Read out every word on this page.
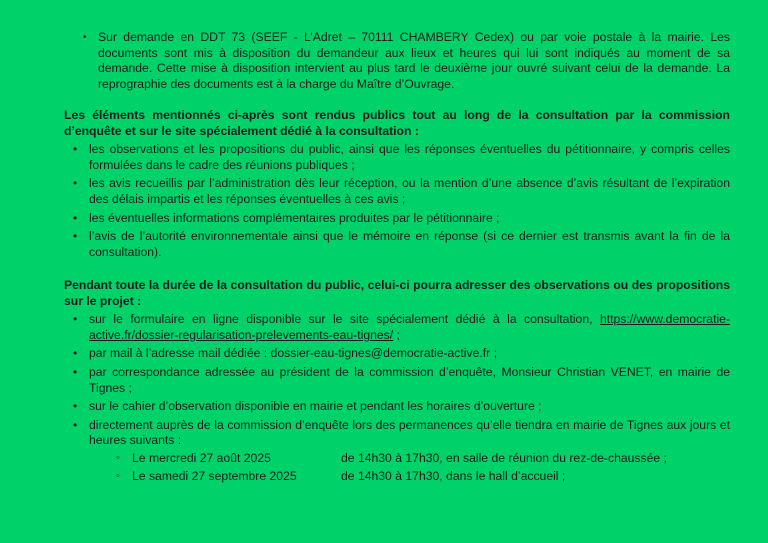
• Sur demande en DDT 73 (SEEF - L’Adret – 70111 CHAMBERY Cedex) ou par voie postale à la mairie. Les documents sont mis à disposition du demandeur aux lieux et heures qui lui sont indiqués au moment de sa demande. Cette mise à disposition intervient au plus tard le deuxième jour ouvré suivant celui de la demande. La reprographie des documents est à la charge du Maître d’Ouvrage.
Les éléments mentionnés ci-après sont rendus publics tout au long de la consultation par la commission d’enquête et sur le site spécialement dédié à la consultation :
• les observations et les propositions du public, ainsi que les réponses éventuelles du pétitionnaire, y compris celles formulées dans le cadre des réunions publiques ;
• les avis recueillis par l’administration dès leur réception, ou la mention d’une absence d’avis résultant de l’expiration des délais impartis et les réponses éventuelles à ces avis ;
• les éventuelles informations complémentaires produites par le pétitionnaire ;
• l’avis de l’autorité environnementale ainsi que le mémoire en réponse (si ce dernier est transmis avant la fin de la consultation).
Pendant toute la durée de la consultation du public, celui-ci pourra adresser des observations ou des propositions sur le projet :
• sur le formulaire en ligne disponible sur le site spécialement dédié à la consultation, https://www.democratie-active.fr/dossier-regularisation-prelevements-eau-tignes/ ;
• par mail à l’adresse mail dédiée : dossier-eau-tignes@democratie-active.fr ;
• par correspondance adressée au président de la commission d’enquête, Monsieur Christian VENET, en mairie de Tignes ;
• sur le cahier d’observation disponible en mairie et pendant les horaires d’ouverture ;
• directement auprès de la commission d’enquête lors des permanences qu’elle tiendra en mairie de Tignes aux jours et heures suivants :
◦ Le mercredi 27 août 2025	de 14h30 à 17h30, en salle de réunion du rez-de-chaussée ;
◦ Le samedi 27 septembre 2025	de 14h30 à 17h30, dans le hall d’accueil ;
